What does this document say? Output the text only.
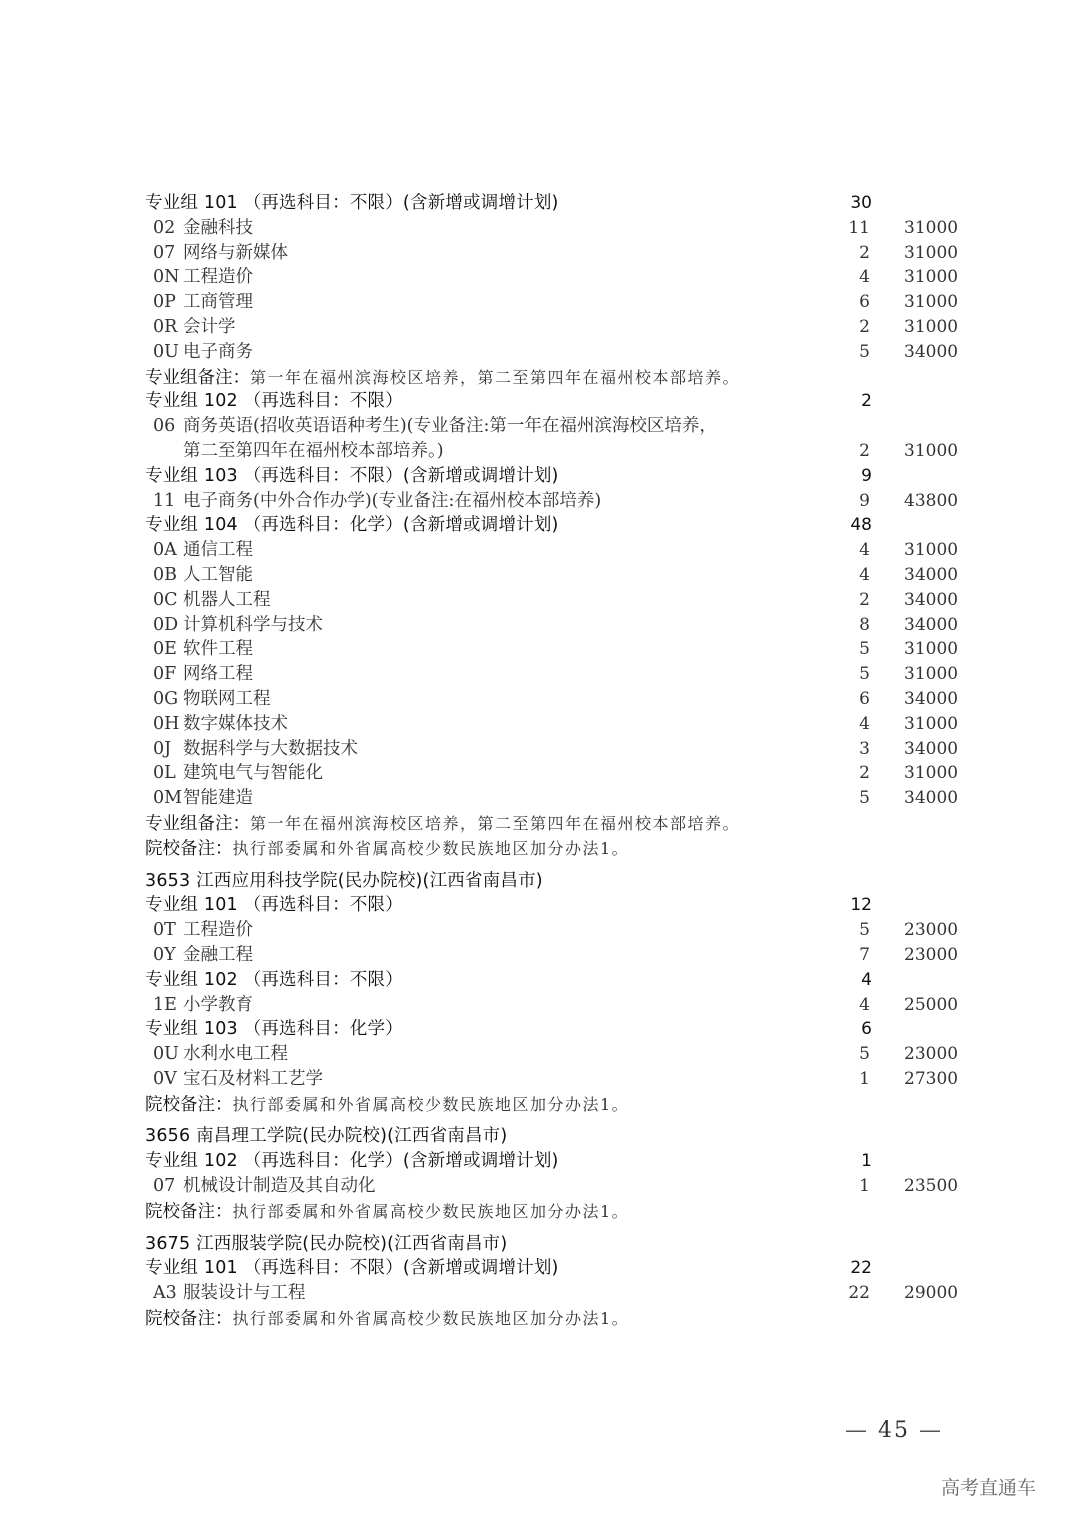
专业组 101 （再选科目：不限）(含新增或调增计划)	30
02 金融科技	11 31000
07 网络与新媒体	2 31000
0N 工程造价	4 31000
0P 工商管理	6 31000
0R 会计学	2 31000
0U 电子商务	5 34000
专业组备注：第一年在福州滨海校区培养，第二至第四年在福州校本部培养。
专业组 102 （再选科目：不限）	2
06 商务英语(招收英语语种考生)(专业备注:第一年在福州滨海校区培养，
第二至第四年在福州校本部培养。)	2 31000
专业组 103 （再选科目：不限）(含新增或调增计划)	9
11 电子商务(中外合作办学)(专业备注:在福州校本部培养)	9 43800
专业组 104 （再选科目：化学）(含新增或调增计划)	48
0A 通信工程	4 31000
0B 人工智能	4 34000
0C 机器人工程	2 34000
0D 计算机科学与技术	8 34000
0E 软件工程	5 31000
0F 网络工程	5 31000
0G 物联网工程	6 34000
0H 数字媒体技术	4 31000
0J 数据科学与大数据技术	3 34000
0L 建筑电气与智能化	2 31000
0M智能建造	5 34000
专业组备注：第一年在福州滨海校区培养，第二至第四年在福州校本部培养。
院校备注：执行部委属和外省属高校少数民族地区加分办法1。
3653 江西应用科技学院(民办院校)(江西省南昌市)
专业组 101 （再选科目：不限）	12
0T 工程造价	5 23000
0Y 金融工程	7 23000
专业组 102 （再选科目：不限）	4
1E 小学教育	4 25000
专业组 103 （再选科目：化学）	6
0U 水利水电工程	5 23000
0V 宝石及材料工艺学	1 27300
院校备注：执行部委属和外省属高校少数民族地区加分办法1。
3656 南昌理工学院(民办院校)(江西省南昌市)
专业组 102 （再选科目：化学）(含新增或调增计划)	1
07 机械设计制造及其自动化	1 23500
院校备注：执行部委属和外省属高校少数民族地区加分办法1。
3675 江西服装学院(民办院校)(江西省南昌市)
专业组 101 （再选科目：不限）(含新增或调增计划)	22
A3 服装设计与工程	22 29000
院校备注：执行部委属和外省属高校少数民族地区加分办法1。
— 45 —
高考直通车
